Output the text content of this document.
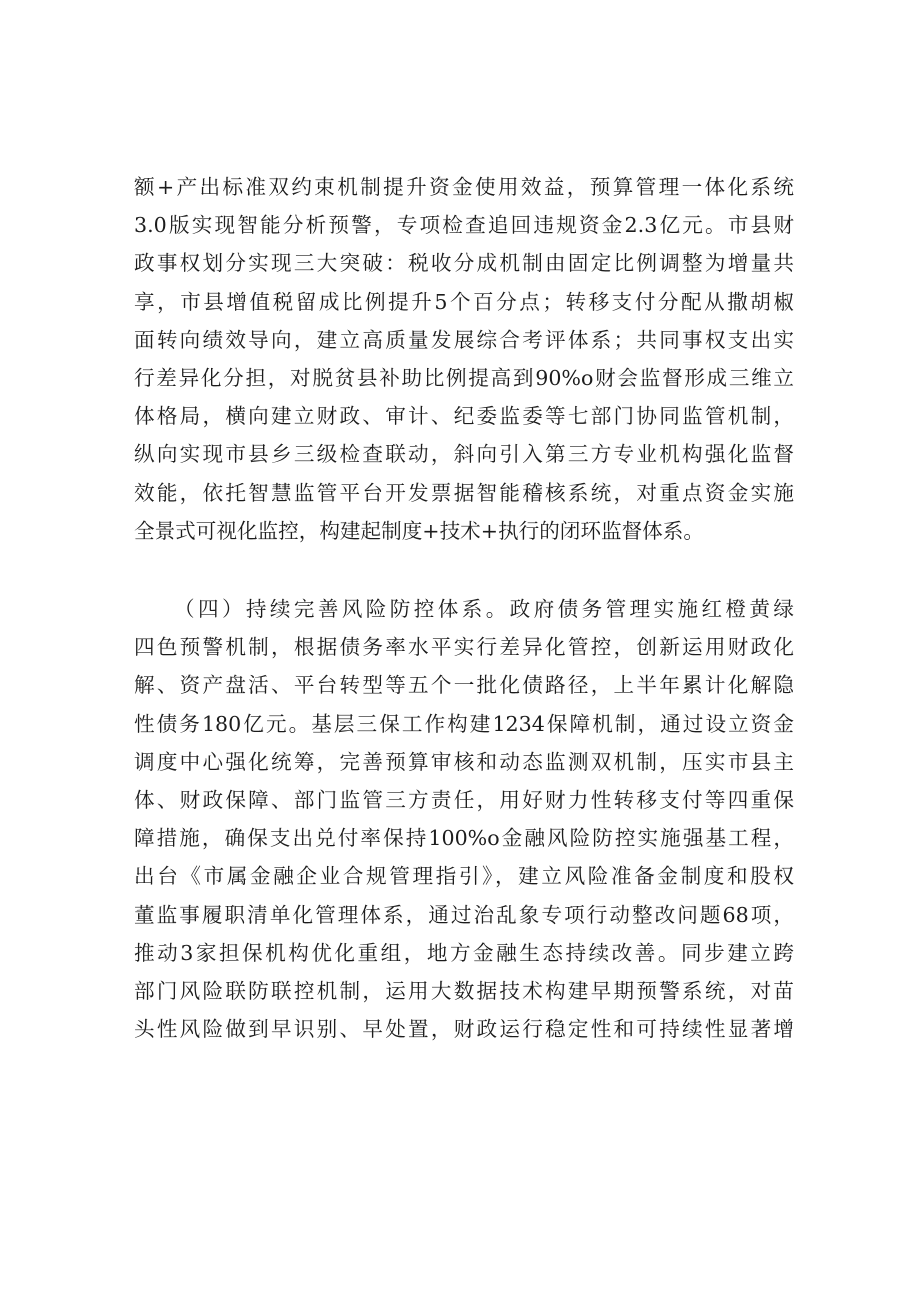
额+产出标准双约束机制提升资金使用效益，预算管理一体化系统
3.0版实现智能分析预警，专项检查追回违规资金2.3亿元。市县财
政事权划分实现三大突破：税收分成机制由固定比例调整为增量共
享，市县增值税留成比例提升5个百分点；转移支付分配从撒胡椒
面转向绩效导向，建立高质量发展综合考评体系；共同事权支出实
行差异化分担，对脱贫县补助比例提高到90%o财会监督形成三维立
体格局，横向建立财政、审计、纪委监委等七部门协同监管机制，
纵向实现市县乡三级检查联动，斜向引入第三方专业机构强化监督
效能，依托智慧监管平台开发票据智能稽核系统，对重点资金实施
全景式可视化监控，构建起制度+技术+执行的闭环监督体系。
（四）持续完善风险防控体系。政府债务管理实施红橙黄绿
四色预警机制，根据债务率水平实行差异化管控，创新运用财政化
解、资产盘活、平台转型等五个一批化债路径，上半年累计化解隐
性债务180亿元。基层三保工作构建1234保障机制，通过设立资金
调度中心强化统筹，完善预算审核和动态监测双机制，压实市县主
体、财政保障、部门监管三方责任，用好财力性转移支付等四重保
障措施，确保支出兑付率保持100%o金融风险防控实施强基工程，
出台《市属金融企业合规管理指引》，建立风险准备金制度和股权
董监事履职清单化管理体系，通过治乱象专项行动整改问题68项，
推动3家担保机构优化重组，地方金融生态持续改善。同步建立跨
部门风险联防联控机制，运用大数据技术构建早期预警系统，对苗
头性风险做到早识别、早处置，财政运行稳定性和可持续性显著增
